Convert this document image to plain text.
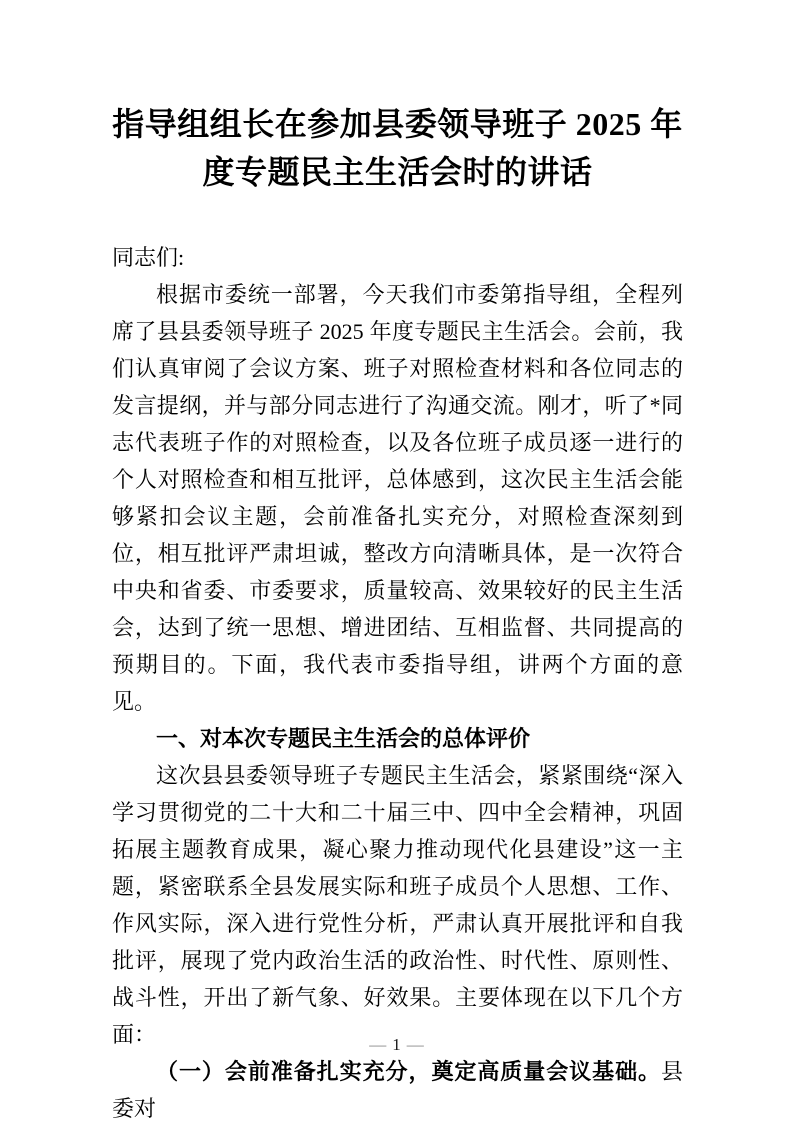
指导组组长在参加县委领导班子 2025 年度专题民主生活会时的讲话

同志们:

根据市委统一部署，今天我们市委第指导组，全程列席了县县委领导班子 2025 年度专题民主生活会。会前，我们认真审阅了会议方案、班子对照检查材料和各位同志的发言提纲，并与部分同志进行了沟通交流。刚才，听了*同志代表班子作的对照检查，以及各位班子成员逐一进行的个人对照检查和相互批评，总体感到，这次民主生活会能够紧扣会议主题，会前准备扎实充分，对照检查深刻到位，相互批评严肃坦诚，整改方向清晰具体，是一次符合中央和省委、市委要求，质量较高、效果较好的民主生活会，达到了统一思想、增进团结、互相监督、共同提高的预期目的。下面，我代表市委指导组，讲两个方面的意见。

一、对本次专题民主生活会的总体评价

这次县县委领导班子专题民主生活会，紧紧围绕“深入学习贯彻党的二十大和二十届三中、四中全会精神，巩固拓展主题教育成果，凝心聚力推动现代化县建设”这一主题，紧密联系全县发展实际和班子成员个人思想、工作、作风实际，深入进行党性分析，严肃认真开展批评和自我批评，展现了党内政治生活的政治性、时代性、原则性、战斗性，开出了新气象、好效果。主要体现在以下几个方面：

（一）会前准备扎实充分，奠定高质量会议基础。县委对

— 1 —
